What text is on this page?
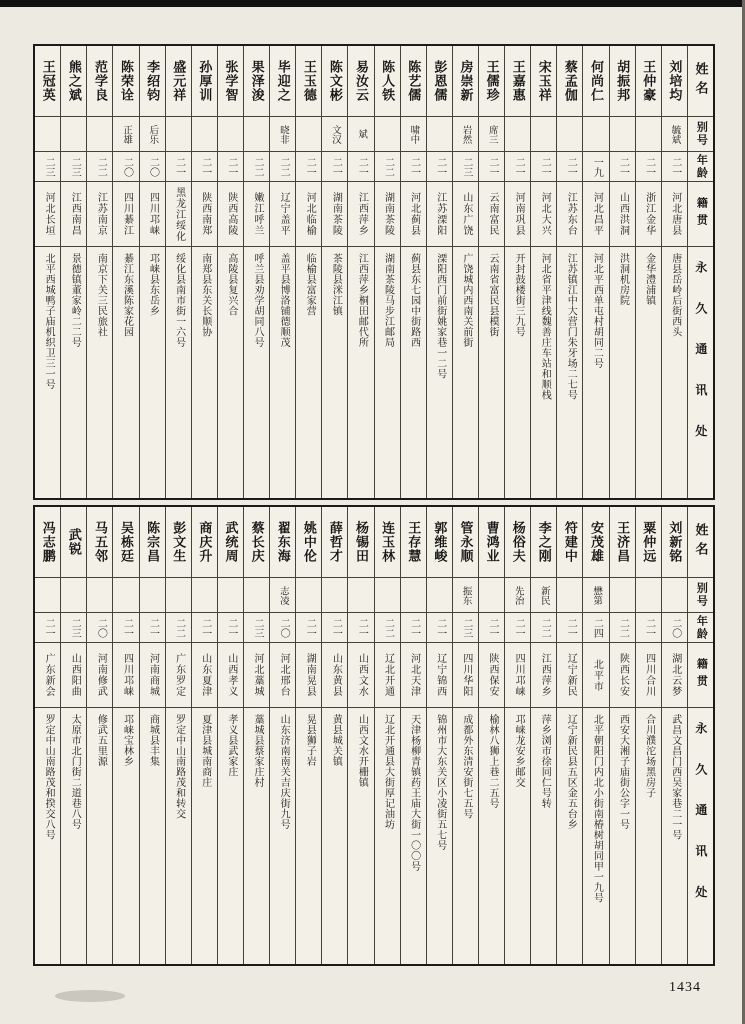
姓名
别号
年龄
籍贯
永久通讯处
刘培均
毓斌
二一
河北唐县
唐县岳岭后街西头
王仲豪
二一
浙江金华
金华澧浦镇
胡振邦
二一
山西洪洞
洪洞机房院
何尚仁
一九
河北昌平
河北平西单屯村胡同二号
蔡孟伽
二一
江苏东台
江苏镇江中大营门朱牙场二七号
宋玉祥
二一
河北大兴
河北省平津线魏善庄车站和顺栈
王嘉惠
二一
河南巩县
开封鼓楼街三九号
王儒珍
席三
二一
云南富民
云南省富民县模街
房崇新
岩然
二三
山东广饶
广饶城内西南关前街
彭恩儒
二一
江苏溧阳
溧阳西门前街姚家巷一二号
陈艺儒
啸中
二一
河北蓟县
蓟县东七园中街路西
陈人铁
二二
湖南茶陵
湖南茶陵马步江邮局
易汝云
斌
二一
江西萍乡
江西萍乡桐田邮代所
陈文彬
文汉
二一
湖南茶陵
茶陵县洣江镇
王玉德
二一
河北临榆
临榆县富家营
毕迎之
晓非
二二
辽宁盖平
盖平县博洛铺德顺茂
果泽浚
二二
嫩江呼兰
呼兰县劝学胡同八号
张学智
二一
陕西高陵
高陵县复兴合
孙厚训
二一
陕西南郑
南郑县东关长顺协
盛元祥
二一
黑龙江绥化
绥化县南市街一六号
李绍钧
后乐
二〇
四川邛崃
邛崃县东岳乡
陈荣诠
正雄
二〇
四川綦江
綦江东溪陈家花园
范学良
二二
江苏南京
南京下关三民旅社
熊之斌
二三
江西南昌
景德镇董家岭二二号
王冠英
二三
河北长垣
北平西城鸭子庙机织卫三一号
姓名
别号
年龄
籍贯
永久通讯处
刘新铭
二〇
湖北云梦
武昌文昌门西吴家巷二一号
粟仲远
二一
四川合川
合川濮沱场黑房子
王济昌
二二
陕西长安
西安大湘子庙街公字一号
安茂雄
懋第
二四
北平市
北平朝阳门内北小街南椿树胡同甲一九号
符建中
二一
辽宁新民
辽宁新民县五区金五台乡
李之刚
新民
二二
江西萍乡
萍乡浏市徐同仁号转
杨俗夫
先治
二一
四川邛崃
邛崃龙安乡邮交
曹鸿业
二一
陕西保安
榆林八狮上巷二五号
管永顺
振东
二三
四川华阳
成都外东清安街七五号
郭维峻
二一
辽宁锦西
锦州市大东关区小凌街五七号
王存慧
二一
河北天津
天津杨柳青镇药王庙大街一〇〇号
连玉林
二二
辽北开通
辽北开通县大街厚记油坊
杨锡田
二一
山西文水
山西文水开栅镇
薛哲才
二一
山东黄县
黄县城关镇
姚中伦
二一
湖南晃县
晃县狮子岩
翟东海
志凌
二〇
河北邢台
山东济南南关吉庆街九号
蔡长庆
二三
河北藁城
藁城县蔡家庄村
武统周
二一
山西孝义
孝义县武家庄
商庆升
二一
山东夏津
夏津县城南商庄
彭文生
二二
广东罗定
罗定中山南路茂和转交
陈宗昌
二一
河南商城
商城县丰集
吴栋廷
二一
四川邛崃
邛崃宝林乡
马五邻
二〇
河南修武
修武五里源
武锐
二三
山西阳曲
太原市北门街二道巷八号
冯志鹏
二一
广东新会
罗定中山南路茂和揆交八号
1434
